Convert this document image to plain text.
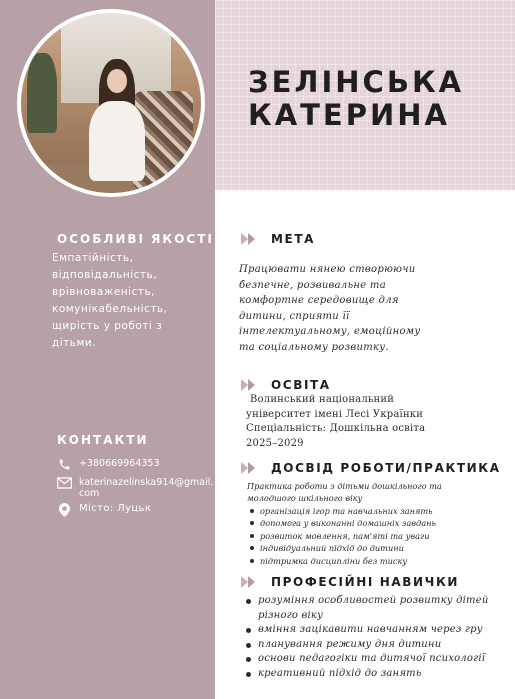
ЗЕЛІНСЬКА
КАТЕРИНА
ОСОБЛИВІ ЯКОСТІ
Емпатійність,
відповідальність,
врівноваженість,
комунікабельність,
щирість у роботі з
дітьми.
КОНТАКТИ
+380669964353
katerinazelinska914@gmail.
com
Місто: Луцьк
МЕТА
Працювати нянею створюючи
безпечне, розвивальне та
комфортне середовище для
дитини, сприяти її
інтелектуальному, емоційному
та соціальному розвитку.
ОСВІТА
Волинський національний
університет імені Лесі Українки
Спеціальність: Дошкільна освіта
2025–2029
ДОСВІД РОБОТИ/ПРАКТИКА
Практика роботи з дітьми дошкільного та
молодшого шкільного віку
організація ігор та навчальних занять
допомога у виконанні домашніх завдань
розвиток мовлення, пам'яті та уваги
індивідуальний підхід до дитини
підтримка дисципліни без тиску
ПРОФЕСІЙНІ НАВИЧКИ
розуміння особливостей розвитку дітей
різного віку
вміння зацікавити навчанням через гру
планування режиму дня дитини
основи педагогіки та дитячої психології
креативний підхід до занять
